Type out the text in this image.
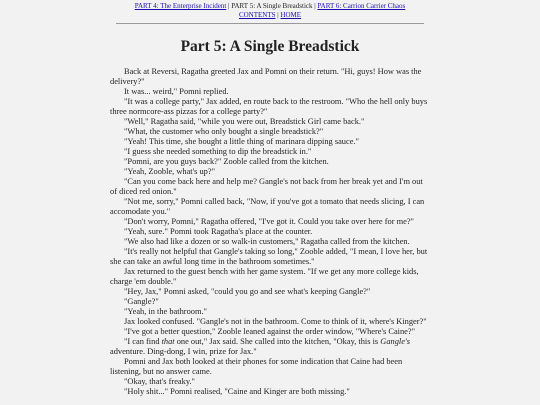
PART 4: The Enterprise Incident | PART 5: A Single Breadstick | PART 6: Carrion Carrier Chaos
CONTENTS | HOME
Part 5: A Single Breadstick

Back at Reversi, Ragatha greeted Jax and Pomni on their return. "Hi, guys! How was the delivery?"

It was... weird," Pomni replied.

"It was a college party," Jax added, en route back to the restroom. "Who the hell only buys three normcore-ass pizzas for a college party?"

"Well," Ragatha said, "while you were out, Breadstick Girl came back."

"What, the customer who only bought a single breadstick?"

"Yeah! This time, she bought a little thing of marinara dipping sauce."

"I guess she needed something to dip the breadstick in."

"Pomni, are you guys back?" Zooble called from the kitchen.

"Yeah, Zooble, what's up?"

"Can you come back here and help me? Gangle's not back from her break yet and I'm out of diced red onion."

"Not me, sorry," Pomni called back, "Now, if you've got a tomato that needs slicing, I can accomodate you."

"Don't worry, Pomni," Ragatha offered, "I've got it. Could you take over here for me?"

"Yeah, sure." Pomni took Ragatha's place at the counter.

"We also had like a dozen or so walk-in customers," Ragatha called from the kitchen.

"It's really not helpful that Gangle's taking so long," Zooble added, "I mean, I love her, but she can take an awful long time in the bathroom sometimes."

Jax returned to the guest bench with her game system. "If we get any more college kids, charge 'em double."

"Hey, Jax," Pomni asked, "could you go and see what's keeping Gangle?"

"Gangle?"

"Yeah, in the bathroom."

Jax looked confused. "Gangle's not in the bathroom. Come to think of it, where's Kinger?"

"I've got a better question," Zooble leaned against the order window, "Where's Caine?"

"I can find that one out," Jax said. She called into the kitchen, "Okay, this is Gangle's adventure. Ding-dong, I win, prize for Jax."

Pomni and Jax both looked at their phones for some indication that Caine had been listening, but no answer came.

"Okay, that's freaky."

"Holy shit..." Pomni realised, "Caine and Kinger are both missing."
